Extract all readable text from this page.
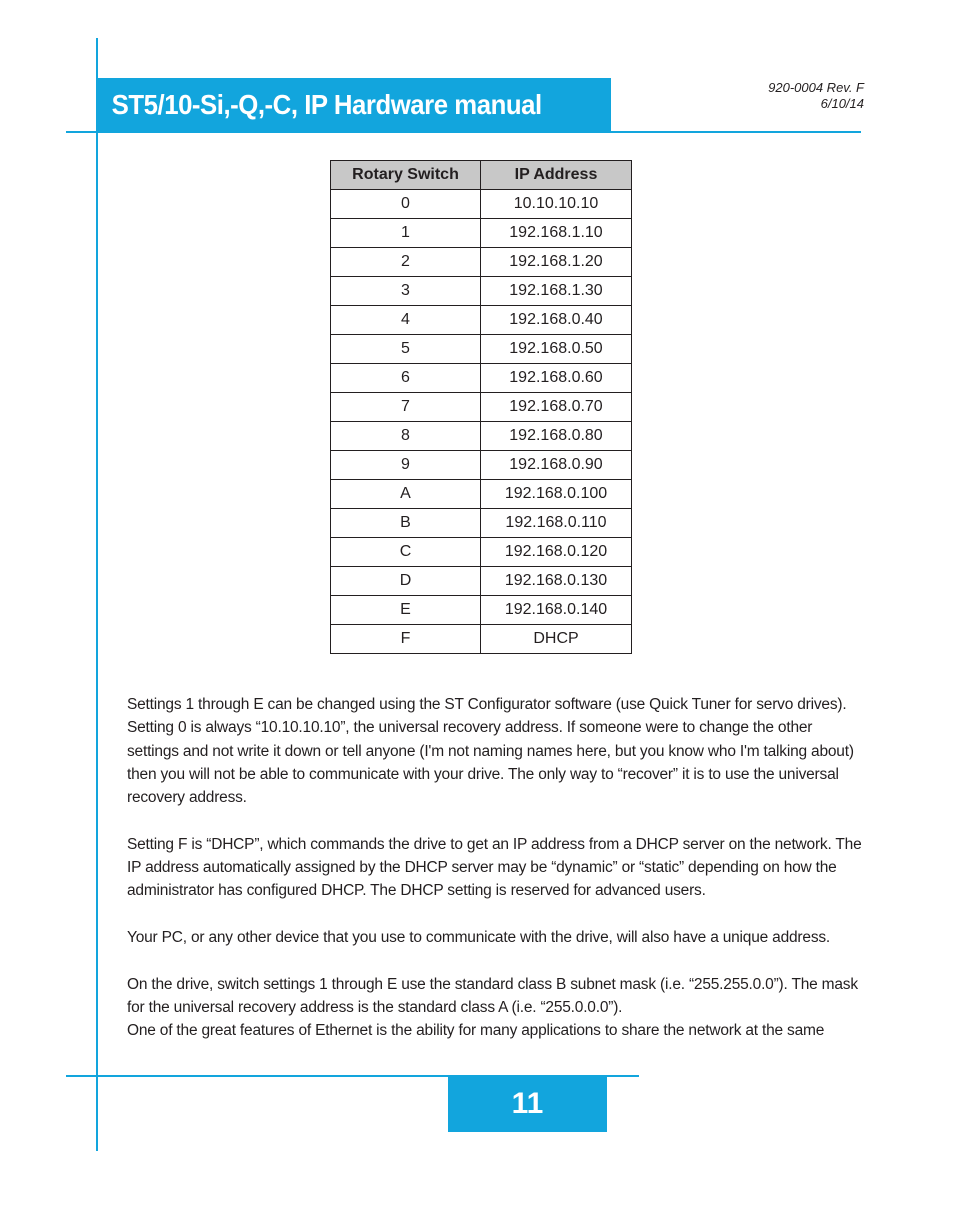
ST5/10-Si,-Q,-C, IP Hardware manual
920-0004 Rev. F
6/10/14
Rotary Switch	IP Address
0	10.10.10.10
1	192.168.1.10
2	192.168.1.20
3	192.168.1.30
4	192.168.0.40
5	192.168.0.50
6	192.168.0.60
7	192.168.0.70
8	192.168.0.80
9	192.168.0.90
A	192.168.0.100
B	192.168.0.110
C	192.168.0.120
D	192.168.0.130
E	192.168.0.140
F	DHCP

Settings 1 through E can be changed using the ST Configurator software (use Quick Tuner for servo drives). Setting 0 is always “10.10.10.10”, the universal recovery address. If someone were to change the other settings and not write it down or tell anyone (I'm not naming names here, but you know who I'm talking about) then you will not be able to communicate with your drive. The only way to “recover” it is to use the universal recovery address.

Setting F is “DHCP”, which commands the drive to get an IP address from a DHCP server on the network. The IP address automatically assigned by the DHCP server may be “dynamic” or “static” depending on how the administrator has configured DHCP. The DHCP setting is reserved for advanced users.

Your PC, or any other device that you use to communicate with the drive, will also have a unique address.

On the drive, switch settings 1 through E use the standard class B subnet mask (i.e. “255.255.0.0”). The mask for the universal recovery address is the standard class A (i.e. “255.0.0.0”).

One of the great features of Ethernet is the ability for many applications to share the network at the same

11
